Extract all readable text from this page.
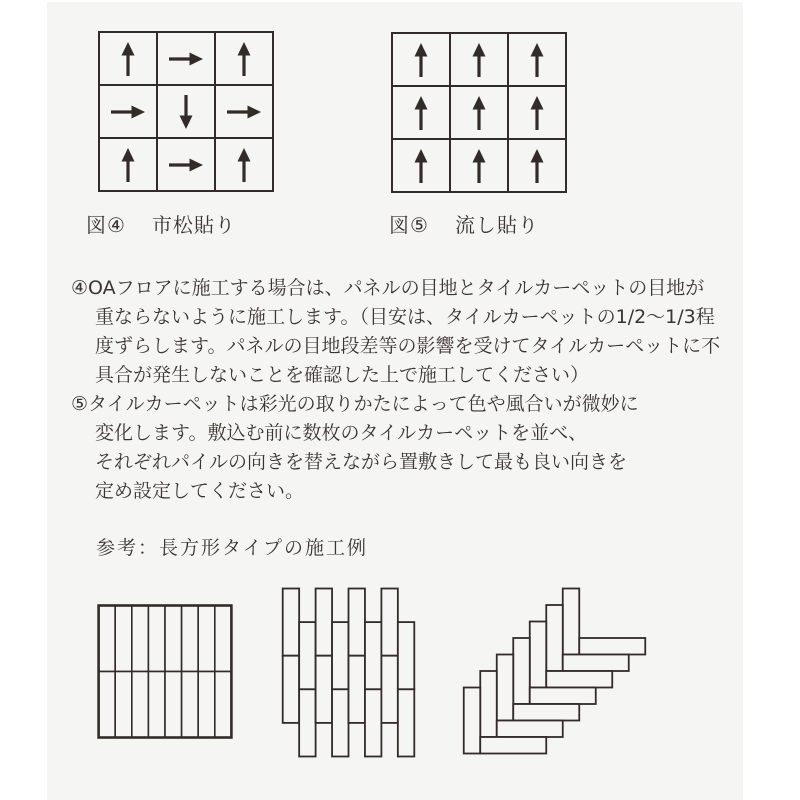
図④ 市松貼り	図⑤ 流し貼り
④OAフロアに施工する場合は、パネルの目地とタイルカーペットの目地が
重ならないように施工します。（目安は、タイルカーペットの1/2～1/3程
度ずらします。パネルの目地段差等の影響を受けてタイルカーペットに不
具合が発生しないことを確認した上で施工してください）
⑤タイルカーペットは彩光の取りかたによって色や風合いが微妙に
変化します。敷込む前に数枚のタイルカーペットを並べ、
それぞれパイルの向きを替えながら置敷きして最も良い向きを
定め設定してください。
参考：長方形タイプの施工例
